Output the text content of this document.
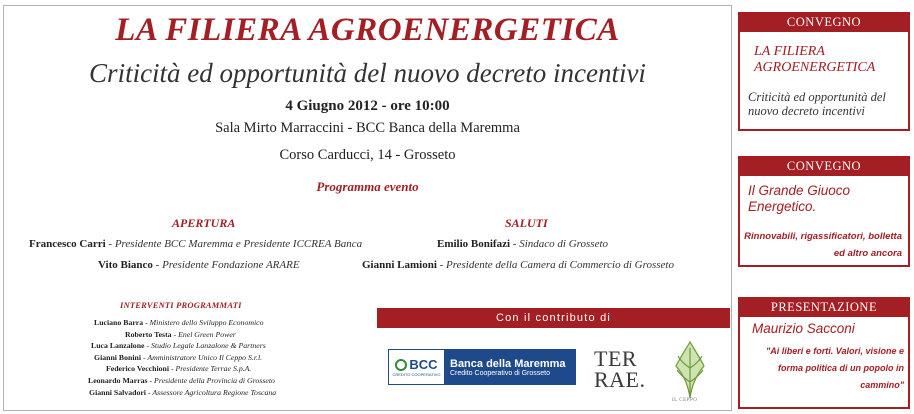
LA FILIERA AGROENERGETICA
Criticità ed opportunità del nuovo decreto incentivi
4 Giugno 2012 - ore 10:00
Sala Mirto Marraccini - BCC Banca della Maremma
Corso Carducci, 14 - Grosseto
Programma evento
APERTURA
Francesco Carri - Presidente BCC Maremma e Presidente ICCREA Banca
Vito Bianco - Presidente Fondazione ARARE
SALUTI
Emilio Bonifazi - Sindaco di Grosseto
Gianni Lamioni - Presidente della Camera di Commercio di Grosseto
INTERVENTI PROGRAMMATI
Luciano Barra - Ministero dello Sviluppo Economico
Roberto Testa - Enel Green Power
Luca Lanzalone - Studio Legale Lanzalone & Partners
Gianni Bonini - Amministratore Unico Il Ceppo S.r.l.
Federico Vecchioni - Presidente Terrae S.p.A.
Leonardo Marras - Presidente della Provincia di Grosseto
Gianni Salvadori - Assessore Agricoltura Regione Toscana
Con il contributo di
BCC
CREDITO COOPERATIVO
Banca della Maremma
Credito Cooperativo di Grosseto
TER
RAE.
IL CEPPO
CONVEGNO
LA FILIERA AGROENERGETICA
Criticità ed opportunità del nuovo decreto incentivi
CONVEGNO
Il Grande Giuoco Energetico.
Rinnovabili, rigassificatori, bolletta ed altro ancora
PRESENTAZIONE
Maurizio Sacconi
"Ai liberi e forti. Valori, visione e forma politica di un popolo in cammino"
